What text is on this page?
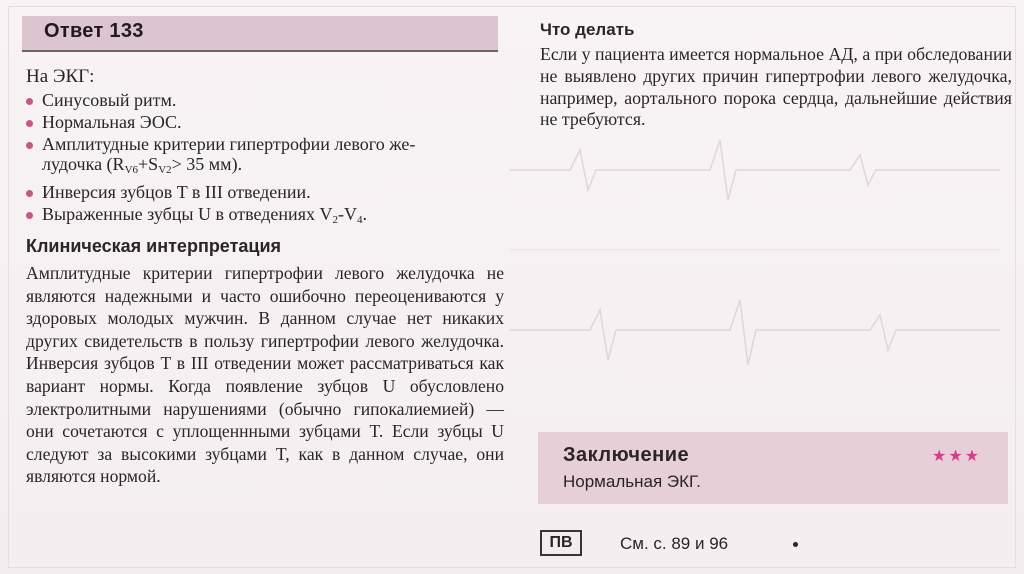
Ответ 133
На ЭКГ:
Синусовый ритм.
Нормальная ЭОС.
Амплитудные критерии гипертрофии левого же-
лудочка ($R_{V6}+S_{V2}> 35$ мм).
Инверсия зубцов T в III отведении.
Выраженные зубцы U в отведениях $V_2-V_4$.
Клиническая интерпретация
Амплитудные критерии гипертрофии левого желудочка не являются надежными и часто ошибочно переоцениваются у здоровых молодых мужчин. В данном случае нет никаких других свидетельств в пользу гипертрофии левого желудочка. Инверсия зубцов T в III отведении может рассматриваться как вариант нормы. Когда появление зубцов U обусловлено электролитными нарушениями (обычно гипокалиемией) — они сочетаются с уплощеннными зубцами T. Если зубцы U следуют за высокими зубцами T, как в данном случае, они являются нормой.
Что делать
Если у пациента имеется нормальное АД, а при обследовании не выявлено других причин гипертрофии левого желудочка, например, аортального порока сердца, дальнейшие действия не требуются.
Заключение	★★★
Нормальная ЭКГ.
ПВ	См. с. 89 и 96
